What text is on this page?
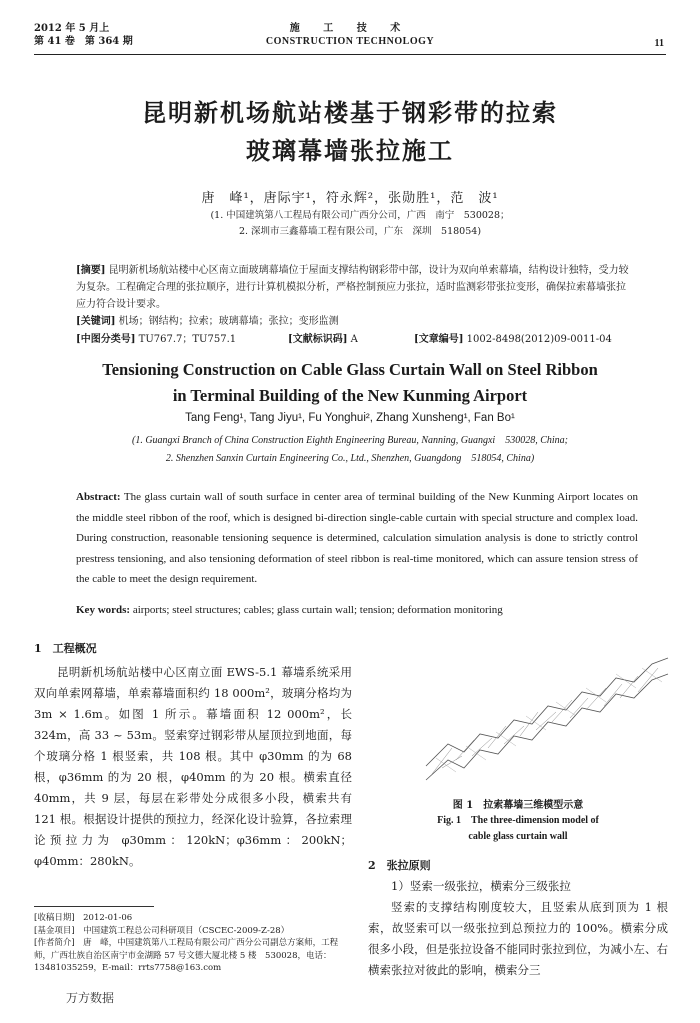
2012 年 5 月上
第 41 卷　第 364 期
施 工 技 术
CONSTRUCTION TECHNOLOGY	11
昆明新机场航站楼基于钢彩带的拉索
玻璃幕墙张拉施工
唐　峰¹，唐际宇¹，符永辉²，张勋胜¹，范　波¹
(1. 中国建筑第八工程局有限公司广西分公司，广西　南宁　530028；
2. 深圳市三鑫幕墙工程有限公司，广东　深圳　518054)
[摘要] 昆明新机场航站楼中心区南立面玻璃幕墙位于屋面支撑结构钢彩带中部，设计为双向单索幕墙，结构设计独特，受力较为复杂。工程确定合理的张拉顺序，进行计算机模拟分析，严格控制预应力张拉，适时监测彩带张拉变形，确保拉索幕墙张拉应力符合设计要求。
[关键词] 机场；钢结构；拉索；玻璃幕墙；张拉；变形监测
[中图分类号] TU767.7；TU757.1	[文献标识码] A	[文章编号] 1002-8498(2012)09-0011-04
Tensioning Construction on Cable Glass Curtain Wall on Steel Ribbon
in Terminal Building of the New Kunming Airport
Tang Feng¹, Tang Jiyu¹, Fu Yonghui², Zhang Xunsheng¹, Fan Bo¹
(1. Guangxi Branch of China Construction Eighth Engineering Bureau, Nanning, Guangxi　530028, China;
2. Shenzhen Sanxin Curtain Engineering Co., Ltd., Shenzhen, Guangdong　518054, China)
Abstract: The glass curtain wall of south surface in center area of terminal building of the New Kunming Airport locates on the middle steel ribbon of the roof, which is designed bi-direction single-cable curtain with special structure and complex load. During construction, reasonable tensioning sequence is determined, calculation simulation analysis is done to strictly control prestress tensioning, and also tensioning deformation of steel ribbon is real-time monitored, which can assure tension stress of the cable to meet the design requirement.
Key words: airports; steel structures; cables; glass curtain wall; tension; deformation monitoring
1　工程概况
昆明新机场航站楼中心区南立面 EWS-5.1 幕墙系统采用双向单索网幕墙，单索幕墙面积约 18 000m²，玻璃分格均为 3m × 1.6m。如图 1 所示。幕墙面积 12 000m²，长 324m，高 33 ~ 53m。竖索穿过钢彩带从屋顶拉到地面，每个玻璃分格 1 根竖索，共 108 根。其中 φ30mm 的为 68 根，φ36mm 的为 20 根，φ40mm 的为 20 根。横索直径 40mm，共 9 层，每层在彩带处分成很多小段，横索共有 121 根。根据设计提供的预拉力，经深化设计验算，各拉索理论预拉力为 φ30mm：120kN；φ36mm：200kN；φ40mm：280kN。
图 1　拉索幕墙三维模型示意
Fig. 1　The three-dimension model of
cable glass curtain wall
2　张拉原则
1）竖索一级张拉，横索分三级张拉
竖索的支撑结构刚度较大，且竖索从底到顶为 1 根索，故竖索可以一级张拉到总预拉力的 100%。横索分成很多小段，但是张拉设备不能同时张拉到位，为减小左、右横索张拉对彼此的影响，横索分三
[收稿日期]　2012-01-06
[基金项目]　中国建筑工程总公司科研项目（CSCEC-2009-Z-28）
[作者简介]　唐　峰，中国建筑第八工程局有限公司广西分公司副总方案师，工程师，广西壮族自治区南宁市金湖路 57 号文德大厦北楼 5 楼　530028，电话：13481035259，E-mail：rrts7758@163.com
万方数据
